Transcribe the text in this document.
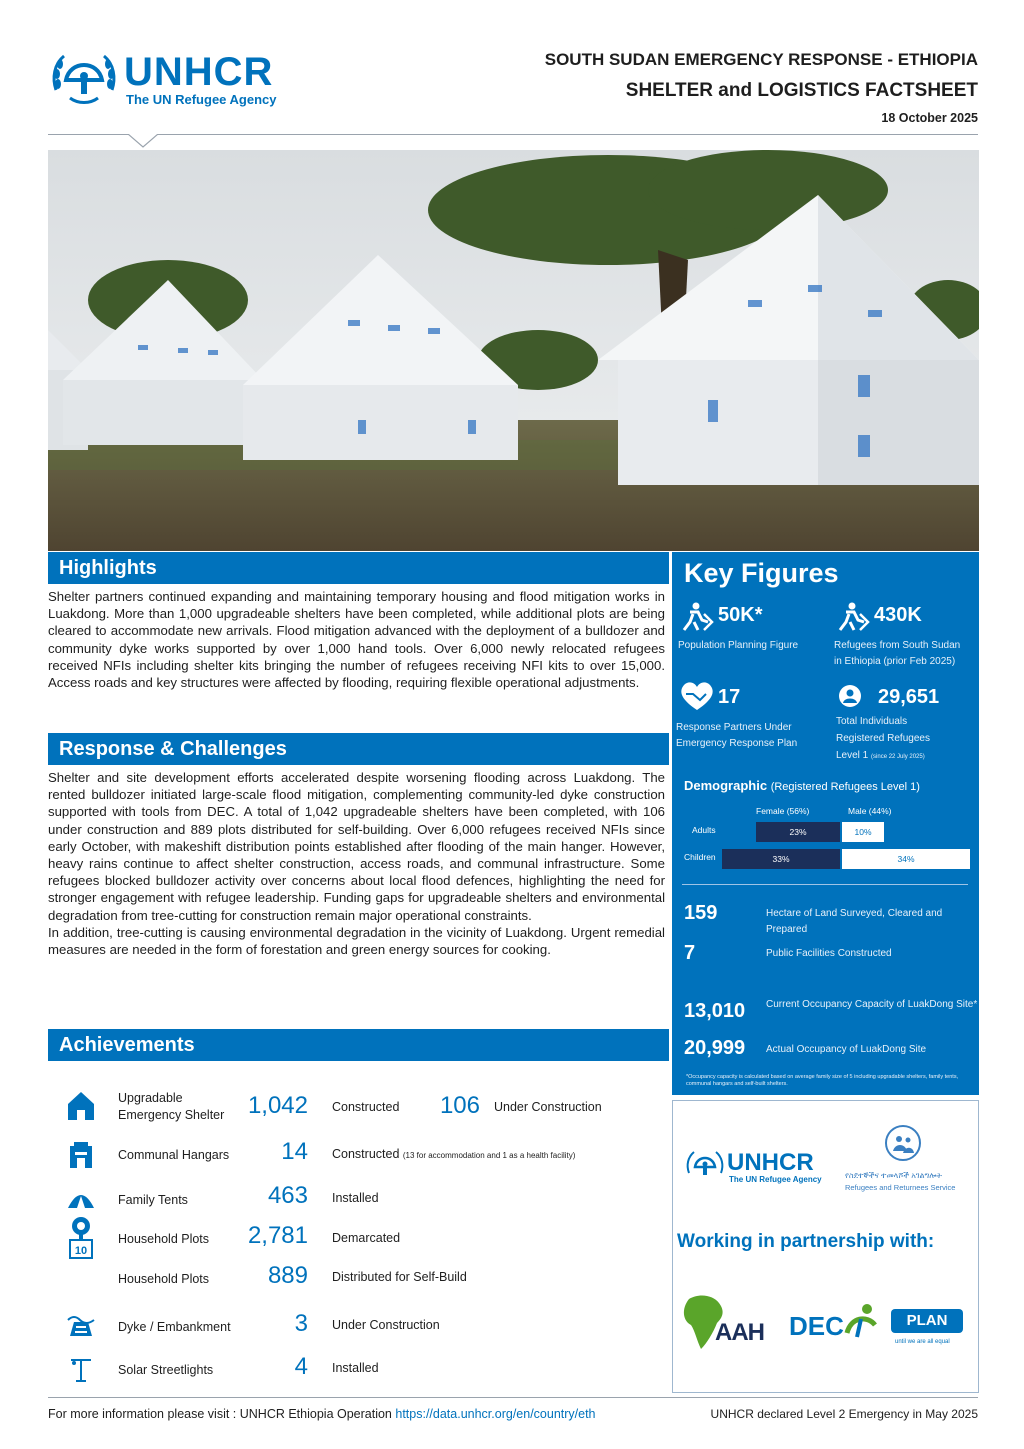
UNHCR
The UN Refugee Agency
SOUTH SUDAN EMERGENCY RESPONSE - ETHIOPIA
SHELTER and LOGISTICS FACTSHEET
18 October 2025
Highlights
Shelter partners continued expanding and maintaining temporary housing and flood mitigation works in Luakdong. More than 1,000 upgradeable shelters have been completed, while additional plots are being cleared to accommodate new arrivals. Flood mitigation advanced with the deployment of a bulldozer and community dyke works supported by over 1,000 hand tools. Over 6,000 newly relocated refugees received NFIs including shelter kits bringing the number of refugees receiving NFI kits to over 15,000. Access roads and key structures were affected by flooding, requiring flexible operational adjustments.
Response & Challenges
Shelter and site development efforts accelerated despite worsening flooding across Luakdong. The rented bulldozer initiated large-scale flood mitigation, complementing community-led dyke construction supported with tools from DEC. A total of 1,042 upgradeable shelters have been completed, with 106 under construction and 889 plots distributed for self-building. Over 6,000 refugees received NFIs since early October, with makeshift distribution points established after flooding of the main hanger. However, heavy rains continue to affect shelter construction, access roads, and communal infrastructure. Some refugees blocked bulldozer activity over concerns about local flood defences, highlighting the need for stronger engagement with refugee leadership. Funding gaps for upgradeable shelters and environmental degradation from tree-cutting for construction remain major operational constraints.
In addition, tree-cutting is causing environmental degradation in the vicinity of Luakdong. Urgent remedial measures are needed in the form of forestation and green energy sources for cooking.
Achievements
Upgradable Emergency Shelter 1,042 Constructed	106 Under Construction
Communal Hangars	14 Constructed (13 for accommodation and 1 as a health facility)
Family Tents	463 Installed
10
Household Plots	2,781 Demarcated
Household Plots	889 Distributed for Self-Build
Dyke / Embankment	3 Under Construction
Solar Streetlights	4 Installed
Key Figures
50K*
Population Planning Figure
430K
Refugees from South Sudan
in Ethiopia (prior Feb 2025)
17
Response Partners Under
Emergency Response Plan
29,651
Total Individuals
Registered Refugees
Level 1 (since 22 July 2025)
Demographic (Registered Refugees Level 1)
Female (56%)	Male (44%)
Adults	23%	10%
Children	33%	34%
159	Hectare of Land Surveyed, Cleared and Prepared
7	Public Facilities Constructed
13,010 Current Occupancy Capacity of LuakDong Site*
20,999 Actual Occupancy of LuakDong Site
*Occupancy capacity is calculated based on average family size of 5 including upgradable shelters, family tents, communal hangars and self-built shelters.
UNHCR
The UN Refugee Agency	የስደተኞችና ተመላሾች አገልግሎት
Refugees and Returnees Service
Working in partnership with:
AAH DEC	PLAN
until we are all equal
For more information please visit : UNHCR Ethiopia Operation https://data.unhcr.org/en/country/eth	UNHCR declared Level 2 Emergency in May 2025
